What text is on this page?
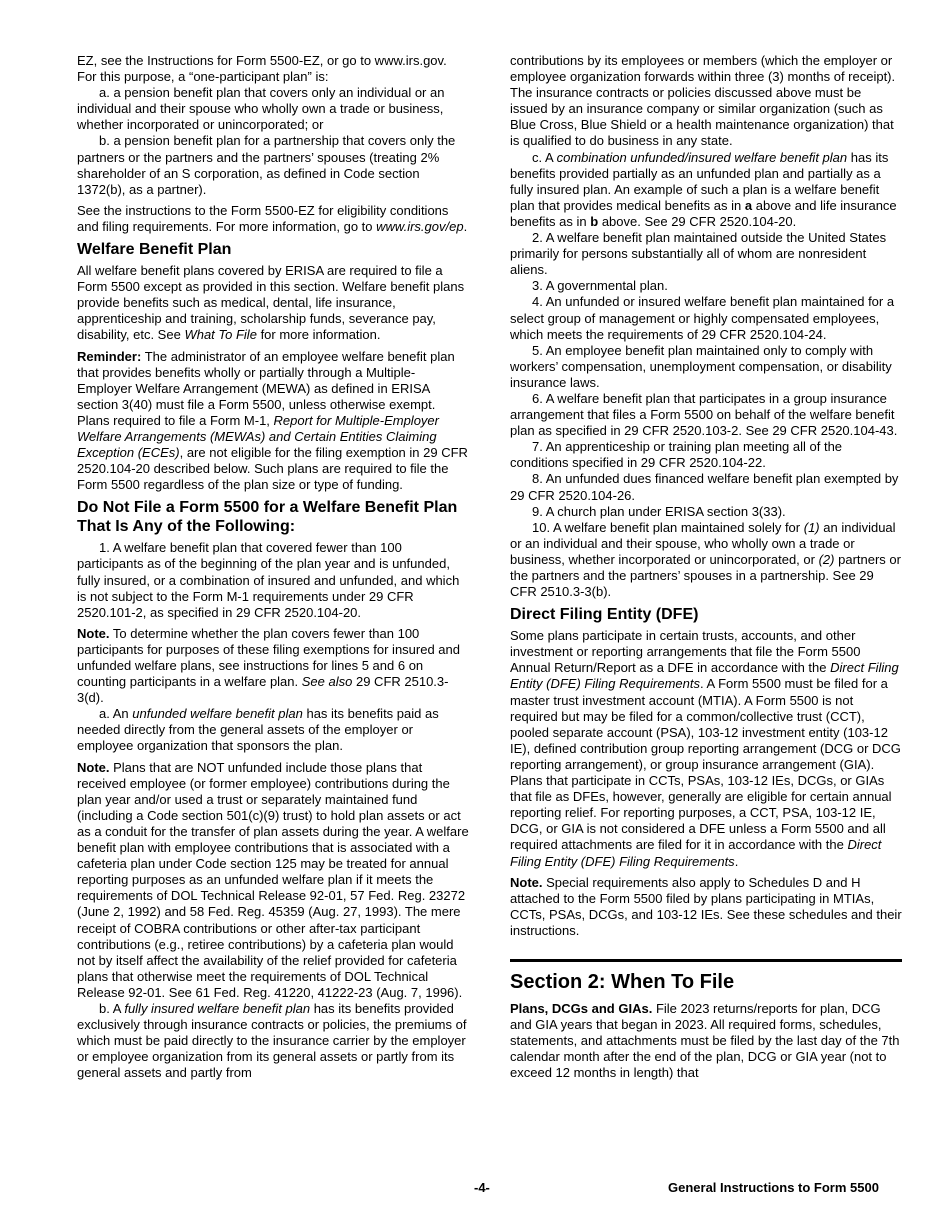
EZ, see the Instructions for Form 5500-EZ, or go to www.irs.gov. For this purpose, a “one-participant plan” is:

a. a pension benefit plan that covers only an individual or an individual and their spouse who wholly own a trade or business, whether incorporated or unincorporated; or

b. a pension benefit plan for a partnership that covers only the partners or the partners and the partners’ spouses (treating 2% shareholder of an S corporation, as defined in Code section 1372(b), as a partner).

See the instructions to the Form 5500-EZ for eligibility conditions and filing requirements. For more information, go to www.irs.gov/ep.

Welfare Benefit Plan

All welfare benefit plans covered by ERISA are required to file a Form 5500 except as provided in this section. Welfare benefit plans provide benefits such as medical, dental, life insurance, apprenticeship and training, scholarship funds, severance pay, disability, etc. See What To File for more information.

Reminder: The administrator of an employee welfare benefit plan that provides benefits wholly or partially through a Multiple-Employer Welfare Arrangement (MEWA) as defined in ERISA section 3(40) must file a Form 5500, unless otherwise exempt. Plans required to file a Form M-1, Report for Multiple-Employer Welfare Arrangements (MEWAs) and Certain Entities Claiming Exception (ECEs), are not eligible for the filing exemption in 29 CFR 2520.104-20 described below. Such plans are required to file the Form 5500 regardless of the plan size or type of funding.

Do Not File a Form 5500 for a Welfare Benefit Plan That Is Any of the Following:

1. A welfare benefit plan that covered fewer than 100 participants as of the beginning of the plan year and is unfunded, fully insured, or a combination of insured and unfunded, and which is not subject to the Form M-1 requirements under 29 CFR 2520.101-2, as specified in 29 CFR 2520.104-20.

Note. To determine whether the plan covers fewer than 100 participants for purposes of these filing exemptions for insured and unfunded welfare plans, see instructions for lines 5 and 6 on counting participants in a welfare plan. See also 29 CFR 2510.3-3(d).

a. An unfunded welfare benefit plan has its benefits paid as needed directly from the general assets of the employer or employee organization that sponsors the plan.

Note. Plans that are NOT unfunded include those plans that received employee (or former employee) contributions during the plan year and/or used a trust or separately maintained fund (including a Code section 501(c)(9) trust) to hold plan assets or act as a conduit for the transfer of plan assets during the year. A welfare benefit plan with employee contributions that is associated with a cafeteria plan under Code section 125 may be treated for annual reporting purposes as an unfunded welfare plan if it meets the requirements of DOL Technical Release 92-01, 57 Fed. Reg. 23272 (June 2, 1992) and 58 Fed. Reg. 45359 (Aug. 27, 1993). The mere receipt of COBRA contributions or other after-tax participant contributions (e.g., retiree contributions) by a cafeteria plan would not by itself affect the availability of the relief provided for cafeteria plans that otherwise meet the requirements of DOL Technical Release 92-01. See 61 Fed. Reg. 41220, 41222-23 (Aug. 7, 1996).

b. A fully insured welfare benefit plan has its benefits provided exclusively through insurance contracts or policies, the premiums of which must be paid directly to the insurance carrier by the employer or employee organization from its general assets or partly from its general assets and partly from

contributions by its employees or members (which the employer or employee organization forwards within three (3) months of receipt). The insurance contracts or policies discussed above must be issued by an insurance company or similar organization (such as Blue Cross, Blue Shield or a health maintenance organization) that is qualified to do business in any state.

c. A combination unfunded/insured welfare benefit plan has its benefits provided partially as an unfunded plan and partially as a fully insured plan. An example of such a plan is a welfare benefit plan that provides medical benefits as in a above and life insurance benefits as in b above. See 29 CFR 2520.104-20.

2. A welfare benefit plan maintained outside the United States primarily for persons substantially all of whom are nonresident aliens.

3. A governmental plan.

4. An unfunded or insured welfare benefit plan maintained for a select group of management or highly compensated employees, which meets the requirements of 29 CFR 2520.104-24.

5. An employee benefit plan maintained only to comply with workers’ compensation, unemployment compensation, or disability insurance laws.

6. A welfare benefit plan that participates in a group insurance arrangement that files a Form 5500 on behalf of the welfare benefit plan as specified in 29 CFR 2520.103-2. See 29 CFR 2520.104-43.

7. An apprenticeship or training plan meeting all of the conditions specified in 29 CFR 2520.104-22.

8. An unfunded dues financed welfare benefit plan exempted by 29 CFR 2520.104-26.

9. A church plan under ERISA section 3(33).

10. A welfare benefit plan maintained solely for (1) an individual or an individual and their spouse, who wholly own a trade or business, whether incorporated or unincorporated, or (2) partners or the partners and the partners’ spouses in a partnership. See 29 CFR 2510.3-3(b).

Direct Filing Entity (DFE)

Some plans participate in certain trusts, accounts, and other investment or reporting arrangements that file the Form 5500 Annual Return/Report as a DFE in accordance with the Direct Filing Entity (DFE) Filing Requirements. A Form 5500 must be filed for a master trust investment account (MTIA). A Form 5500 is not required but may be filed for a common/collective trust (CCT), pooled separate account (PSA), 103-12 investment entity (103-12 IE), defined contribution group reporting arrangement (DCG or DCG reporting arrangement), or group insurance arrangement (GIA). Plans that participate in CCTs, PSAs, 103-12 IEs, DCGs, or GIAs that file as DFEs, however, generally are eligible for certain annual reporting relief. For reporting purposes, a CCT, PSA, 103-12 IE, DCG, or GIA is not considered a DFE unless a Form 5500 and all required attachments are filed for it in accordance with the Direct Filing Entity (DFE) Filing Requirements.

Note. Special requirements also apply to Schedules D and H attached to the Form 5500 filed by plans participating in MTIAs, CCTs, PSAs, DCGs, and 103-12 IEs. See these schedules and their instructions.

Section 2: When To File

Plans, DCGs and GIAs. File 2023 returns/reports for plan, DCG and GIA years that began in 2023. All required forms, schedules, statements, and attachments must be filed by the last day of the 7th calendar month after the end of the plan, DCG or GIA year (not to exceed 12 months in length) that

-4-	General Instructions to Form 5500
